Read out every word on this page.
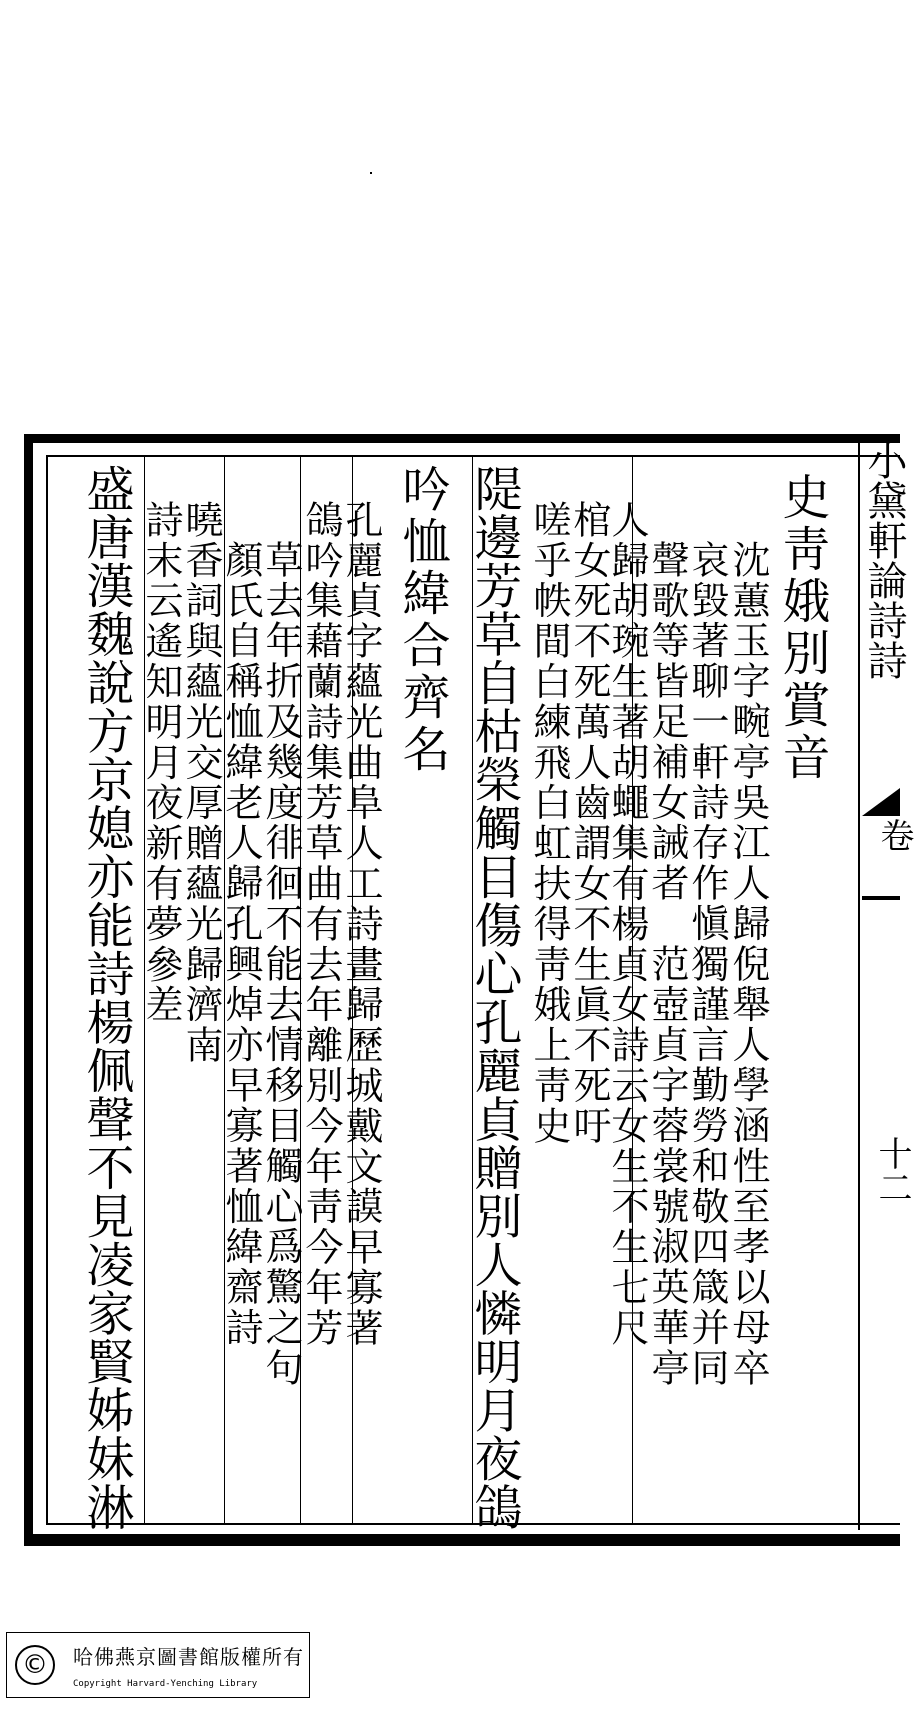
小黛軒論詩詩
卷
十二
史靑娥別賞音
沈蕙玉字畹亭吳江人歸倪舉人學涵性至孝以母卒
哀毀著聊一軒詩存作愼獨謹言勤勞和敬四箴并同
聲歌等皆足補女誡者　范壺貞字蓉裳號淑英華亭
人歸胡琬生著胡蠅集有楊貞女詩云女生不生七尺
棺女死不死萬人齒謂女不生眞不死吁
嗟乎帙間白練飛白虹扶得靑娥上靑史
隄邊芳草自枯榮觸目傷心孔麗貞贈別人憐明月夜鴿
吟恤緯合齊名
孔麗貞字蘊光曲阜人工詩畫歸歷城戴文謨早寡著
鴿吟集藉蘭詩集芳草曲有去年離別今年靑今年芳
草去年折及幾度徘徊不能去情移目觸心爲驚之句
顏氏自稱恤緯老人歸孔興焯亦早寡著恤緯齋詩
曉香詞與蘊光交厚贈蘊光歸濟南
詩末云遙知明月夜新有夢參差
盛唐漢魏說方京媳亦能詩楊佩聲不見凌家賢姊妹淋
©	哈佛燕京圖書館版權所有
Copyright Harvard-Yenching Library
